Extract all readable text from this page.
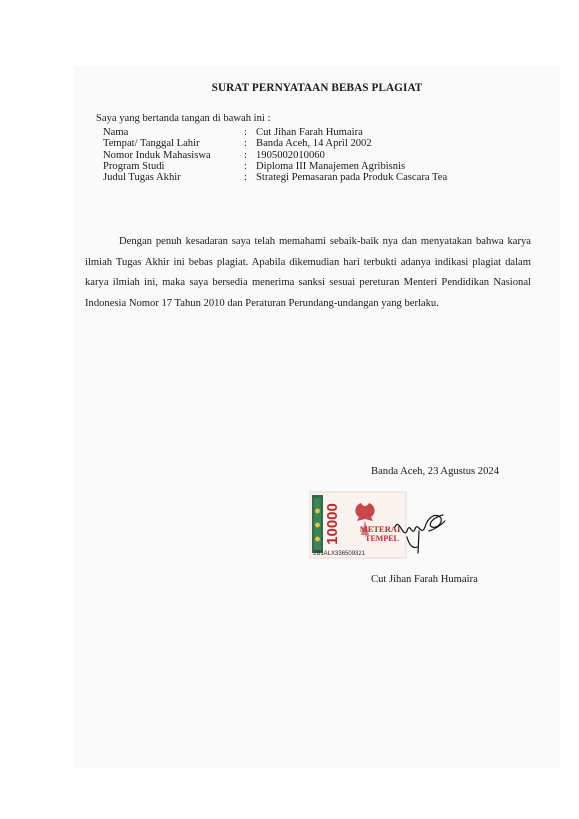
SURAT PERNYATAAN BEBAS PLAGIAT
Saya yang bertanda tangan di bawah ini :
Nama	: Cut Jihan Farah Humaira
Tempat/ Tanggal Lahir	: Banda Aceh, 14 April 2002
Nomor Induk Mahasiswa	: 1905002010060
Program Studi	: Diploma III Manajemen Agribisnis
Judul Tugas Akhir	: Strategi Pemasaran pada Produk Cascara Tea
Dengan penuh kesadaran saya telah memahami sebaik-baik nya dan menyatakan bahwa karya ilmiah Tugas Akhir ini bebas plagiat. Apabila dikemudian hari terbukti adanya indikasi plagiat dalam karya ilmiah ini, maka saya bersedia menerima sanksi sesuai pereturan Menteri Pendidikan Nasional Indonesia Nomor 17 Tahun 2010 dan Peraturan Perundang-undangan yang berlaku.
Banda Aceh, 23 Agustus 2024
10000 METERAI
TEMPEL
2B1ALX336509321
Cut Jihan Farah Humaira
